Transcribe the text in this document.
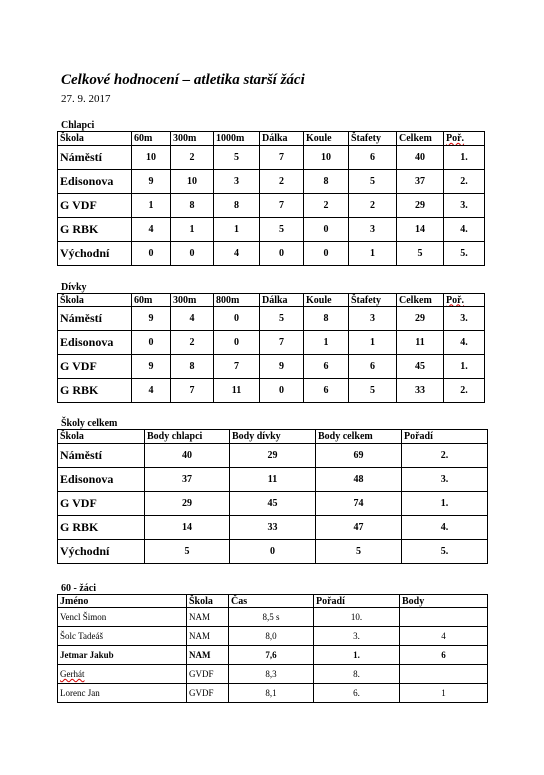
Celkové hodnocení – atletika starší žáci
27. 9. 2017
Chlapci
Škola	60m	300m	1000m	Dálka	Koule	Štafety	Celkem	Poř.
Náměstí	10	2	5	7	10	6	40	1.
Edisonova	9	10	3	2	8	5	37	2.
G VDF	1	8	8	7	2	2	29	3.
G RBK	4	1	1	5	0	3	14	4.
Východní	0	0	4	0	0	1	5	5.
Dívky
Škola	60m	300m	800m	Dálka	Koule	Štafety	Celkem	Poř.
Náměstí	9	4	0	5	8	3	29	3.
Edisonova	0	2	0	7	1	1	11	4.
G VDF	9	8	7	9	6	6	45	1.
G RBK	4	7	11	0	6	5	33	2.
Školy celkem
Škola	Body chlapci	Body dívky	Body celkem	Pořadí
Náměstí	40	29	69	2.
Edisonova	37	11	48	3.
G VDF	29	45	74	1.
G RBK	14	33	47	4.
Východní	5	0	5	5.
60 - žáci
Jméno	Škola	Čas	Pořadí	Body
Vencl Šimon	NAM	8,5 s	10.	
Šolc Tadeáš	NAM	8,0	3.	4
Jetmar Jakub	NAM	7,6	1.	6
Gerhát	GVDF	8,3	8.	
Lorenc Jan	GVDF	8,1	6.	1
